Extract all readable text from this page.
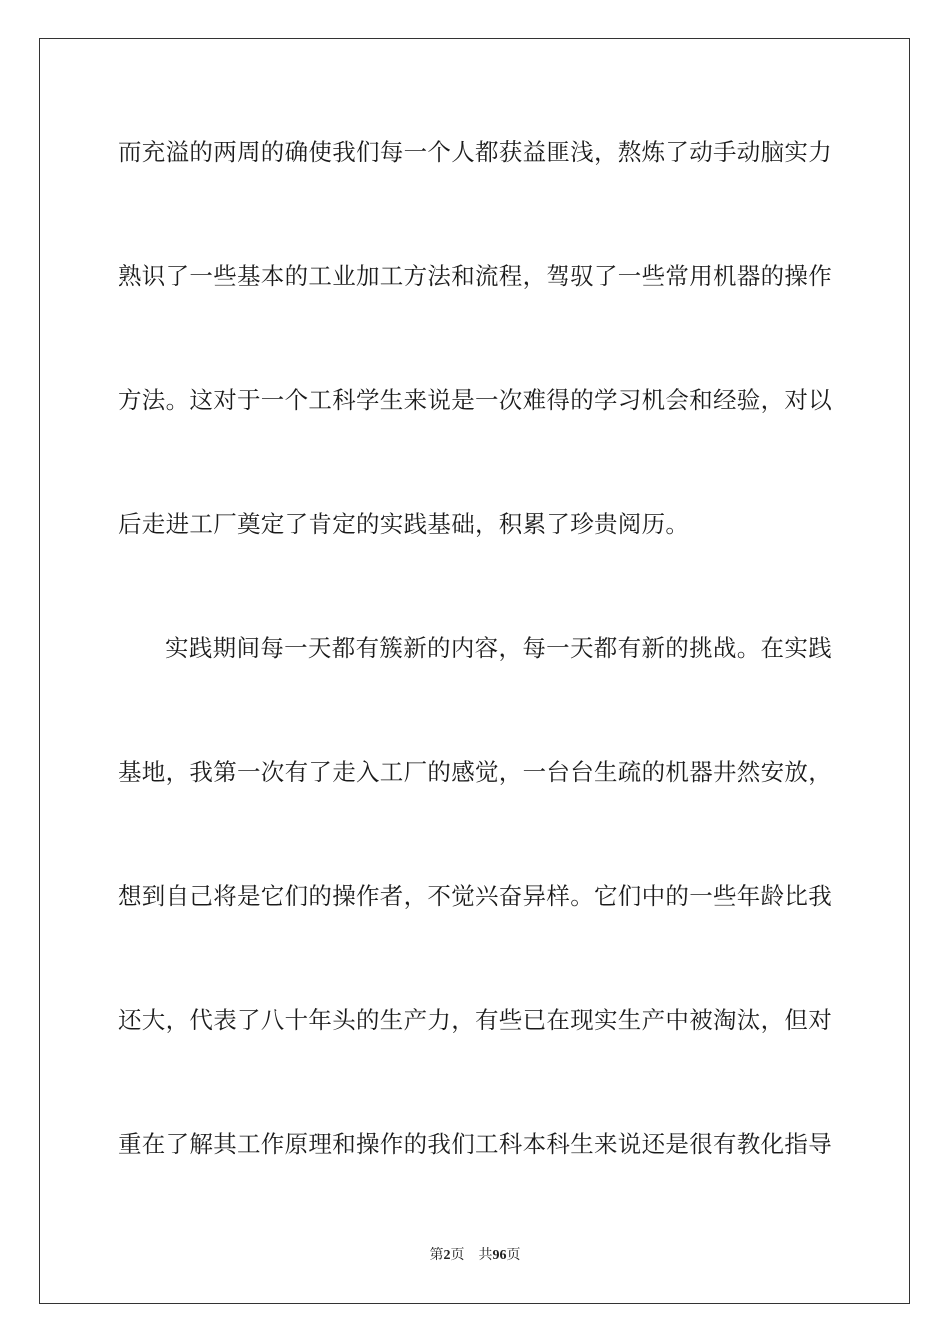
而充溢的两周的确使我们每一个人都获益匪浅，熬炼了动手动脑实力
熟识了一些基本的工业加工方法和流程，驾驭了一些常用机器的操作
方法。这对于一个工科学生来说是一次难得的学习机会和经验，对以
后走进工厂奠定了肯定的实践基础，积累了珍贵阅历。
实践期间每一天都有簇新的内容，每一天都有新的挑战。在实践
基地，我第一次有了走入工厂的感觉，一台台生疏的机器井然安放，
想到自己将是它们的操作者，不觉兴奋异样。它们中的一些年龄比我
还大，代表了八十年头的生产力，有些已在现实生产中被淘汰，但对
重在了解其工作原理和操作的我们工科本科生来说还是很有教化指导
第2页 共96页
